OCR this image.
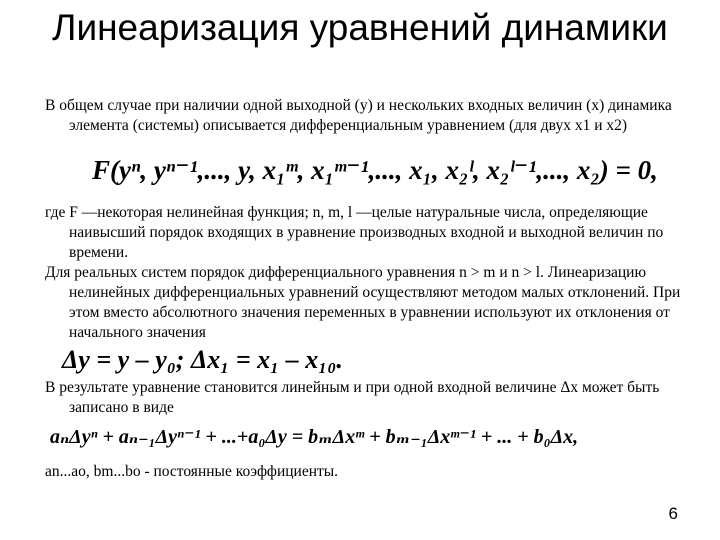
Линеаризация уравнений динамики
В общем случае при наличии одной выходной (у) и нескольких входных величин (х) динамика элемента (системы) описывается дифференциальным уравнением (для двух х1 и х2)
F(yⁿ, yⁿ⁻¹,..., y, x₁ᵐ, x₁ᵐ⁻¹,..., x₁, x₂ˡ, x₂ˡ⁻¹,..., x₂) = 0,
где F —некоторая нелинейная функция; n, m, l —целые натуральные числа, определяющие наивысший порядок входящих в уравнение производных входной и выходной величин по времени.
Для реальных систем порядок дифференциального уравнения n > m и n > l. Линеаризацию нелинейных дифференциальных уравнений осуществляют методом малых отклонений. При этом вместо абсолютного значения переменных в уравнении используют их отклонения от начального значения
Δy = y – y₀; Δx₁ = x₁ – x₁₀.
В результате уравнение становится линейным и при одной входной величине Δх может быть записано в виде
aₙΔyⁿ + aₙ₋₁Δyⁿ⁻¹ + ...+a₀Δy = bₘΔxᵐ + bₘ₋₁Δxᵐ⁻¹ + ... + b₀Δx,
an...ao, bm...bo - постоянные коэффициенты.
6
